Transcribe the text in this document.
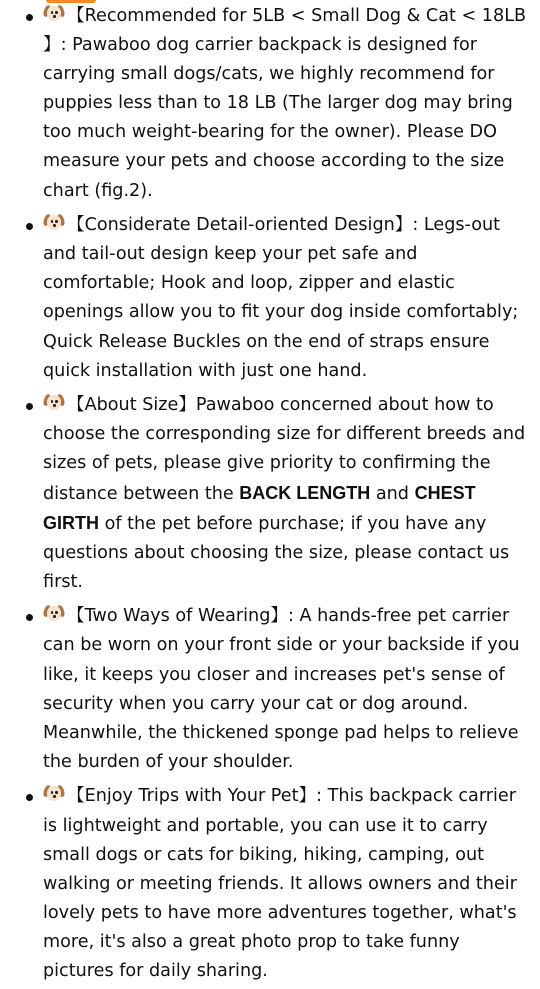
【Recommended for 5LB < Small Dog & Cat < 18LB 】: Pawaboo dog carrier backpack is designed for carrying small dogs/cats, we highly recommend for puppies less than to 18 LB (The larger dog may bring too much weight-bearing for the owner). Please DO measure your pets and choose according to the size chart (fig.2).
【Considerate Detail-oriented Design】: Legs-out and tail-out design keep your pet safe and comfortable; Hook and loop, zipper and elastic openings allow you to fit your dog inside comfortably; Quick Release Buckles on the end of straps ensure quick installation with just one hand.
【About Size】Pawaboo concerned about how to choose the corresponding size for different breeds and sizes of pets, please give priority to confirming the distance between the BACK LENGTH and CHEST GIRTH of the pet before purchase; if you have any questions about choosing the size, please contact us first.
【Two Ways of Wearing】: A hands-free pet carrier can be worn on your front side or your backside if you like, it keeps you closer and increases pet's sense of security when you carry your cat or dog around. Meanwhile, the thickened sponge pad helps to relieve the burden of your shoulder.
【Enjoy Trips with Your Pet】: This backpack carrier is lightweight and portable, you can use it to carry small dogs or cats for biking, hiking, camping, out walking or meeting friends. It allows owners and their lovely pets to have more adventures together, what's more, it's also a great photo prop to take funny pictures for daily sharing.
